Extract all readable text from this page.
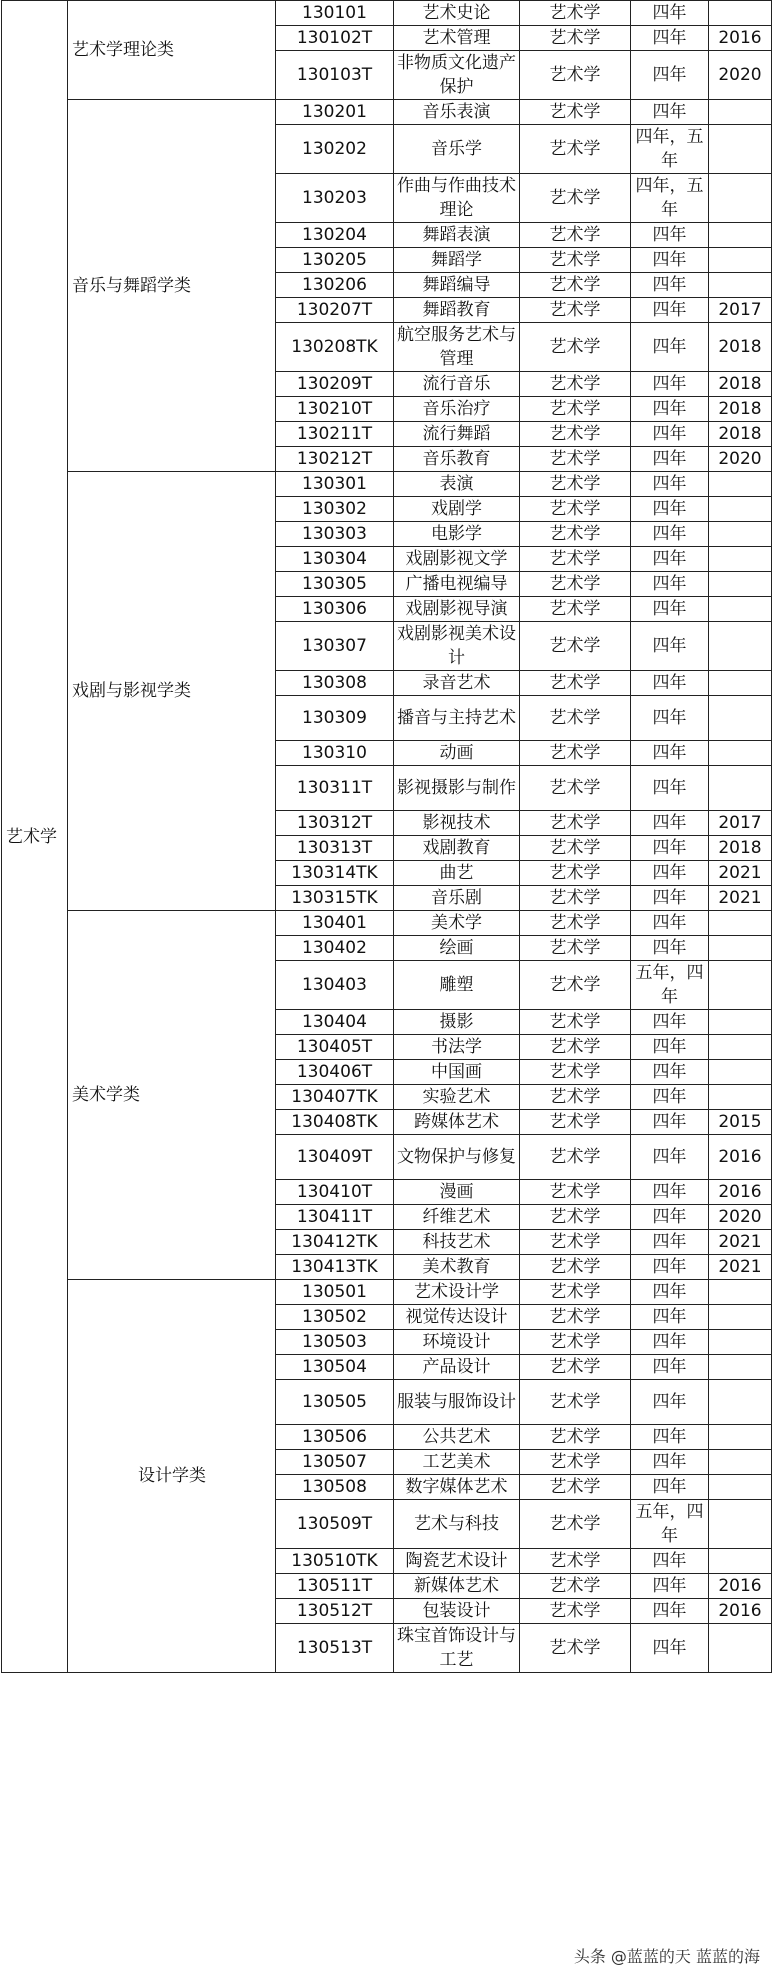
艺术学	艺术学理论类	130101	艺术史论	艺术学	四年	
		130102T	艺术管理	艺术学	四年	2016
		130103T	非物质文化遗产保护	艺术学	四年	2020
	音乐与舞蹈学类	130201	音乐表演	艺术学	四年	
		130202	音乐学	艺术学	四年，五年	
		130203	作曲与作曲技术理论	艺术学	四年，五年	
		130204	舞蹈表演	艺术学	四年	
		130205	舞蹈学	艺术学	四年	
		130206	舞蹈编导	艺术学	四年	
		130207T	舞蹈教育	艺术学	四年	2017
		130208TK	航空服务艺术与管理	艺术学	四年	2018
		130209T	流行音乐	艺术学	四年	2018
		130210T	音乐治疗	艺术学	四年	2018
		130211T	流行舞蹈	艺术学	四年	2018
		130212T	音乐教育	艺术学	四年	2020
	戏剧与影视学类	130301	表演	艺术学	四年	
		130302	戏剧学	艺术学	四年	
		130303	电影学	艺术学	四年	
		130304	戏剧影视文学	艺术学	四年	
		130305	广播电视编导	艺术学	四年	
		130306	戏剧影视导演	艺术学	四年	
		130307	戏剧影视美术设计	艺术学	四年	
		130308	录音艺术	艺术学	四年	
		130309	播音与主持艺术	艺术学	四年	
		130310	动画	艺术学	四年	
		130311T	影视摄影与制作	艺术学	四年	
		130312T	影视技术	艺术学	四年	2017
		130313T	戏剧教育	艺术学	四年	2018
		130314TK	曲艺	艺术学	四年	2021
		130315TK	音乐剧	艺术学	四年	2021
	美术学类	130401	美术学	艺术学	四年	
		130402	绘画	艺术学	四年	
		130403	雕塑	艺术学	五年，四年	
		130404	摄影	艺术学	四年	
		130405T	书法学	艺术学	四年	
		130406T	中国画	艺术学	四年	
		130407TK	实验艺术	艺术学	四年	
		130408TK	跨媒体艺术	艺术学	四年	2015
		130409T	文物保护与修复	艺术学	四年	2016
		130410T	漫画	艺术学	四年	2016
		130411T	纤维艺术	艺术学	四年	2020
		130412TK	科技艺术	艺术学	四年	2021
		130413TK	美术教育	艺术学	四年	2021
	设计学类	130501	艺术设计学	艺术学	四年	
		130502	视觉传达设计	艺术学	四年	
		130503	环境设计	艺术学	四年	
		130504	产品设计	艺术学	四年	
		130505	服装与服饰设计	艺术学	四年	
		130506	公共艺术	艺术学	四年	
		130507	工艺美术	艺术学	四年	
		130508	数字媒体艺术	艺术学	四年	
		130509T	艺术与科技	艺术学	五年，四年	
		130510TK	陶瓷艺术设计	艺术学	四年	
		130511T	新媒体艺术	艺术学	四年	2016
		130512T	包装设计	艺术学	四年	2016
		130513T	珠宝首饰设计与工艺	艺术学	四年	
头条 @蓝蓝的天 蓝蓝的海
